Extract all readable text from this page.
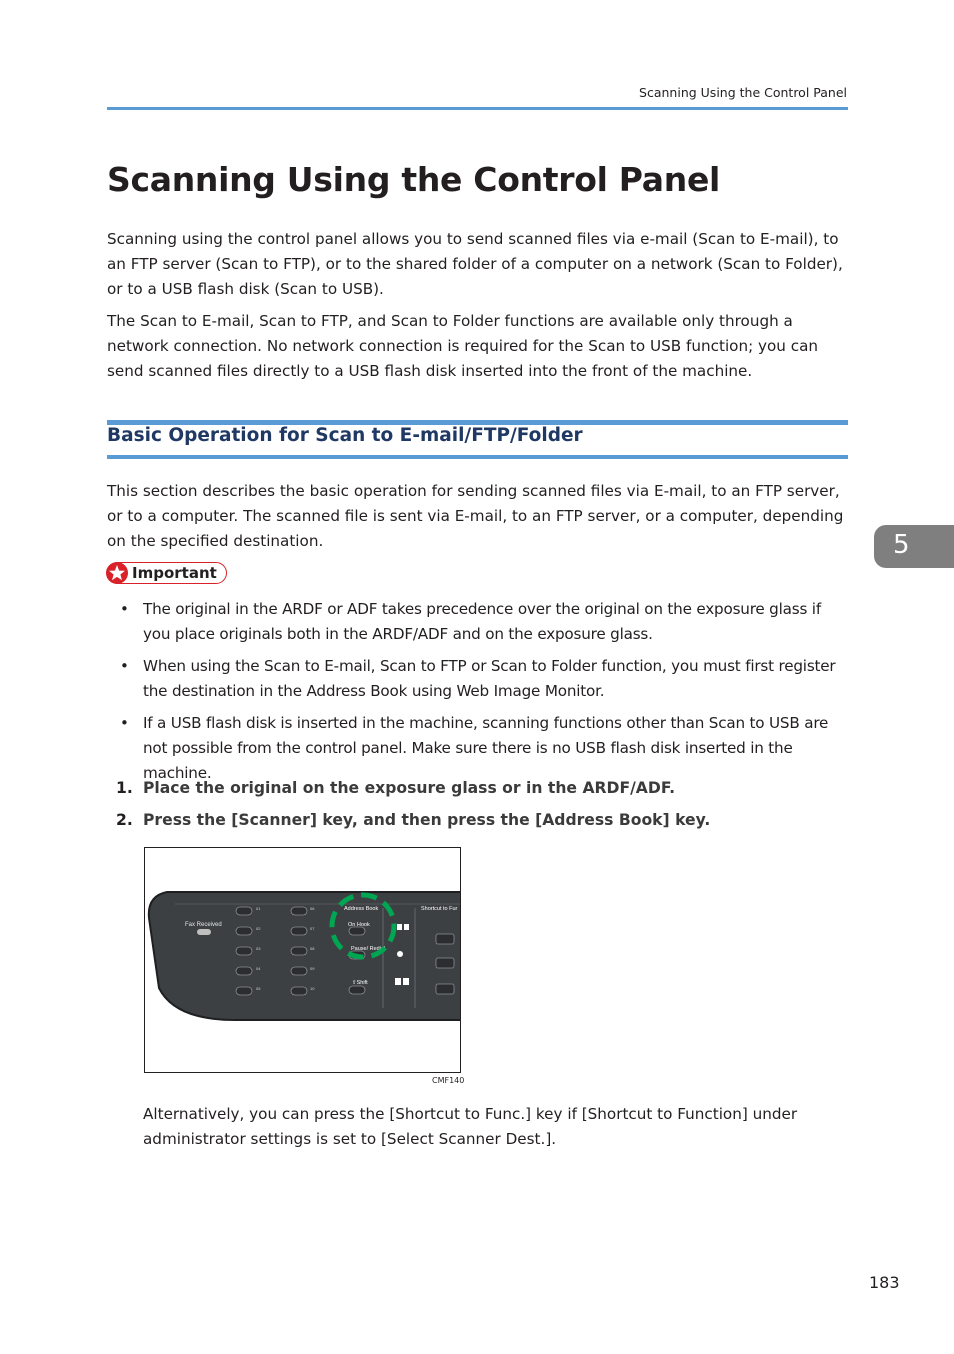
Scanning Using the Control Panel
Scanning Using the Control Panel

Scanning using the control panel allows you to send scanned files via e-mail (Scan to E-mail), to an FTP server (Scan to FTP), or to the shared folder of a computer on a network (Scan to Folder), or to a USB flash disk (Scan to USB).

The Scan to E-mail, Scan to FTP, and Scan to Folder functions are available only through a network connection. No network connection is required for the Scan to USB function; you can send scanned files directly to a USB flash disk inserted into the front of the machine.

Basic Operation for Scan to E-mail/FTP/Folder

This section describes the basic operation for sending scanned files via E-mail, to an FTP server, or to a computer. The scanned file is sent via E-mail, to an FTP server, or a computer, depending on the specified destination.	5
Important
• The original in the ARDF or ADF takes precedence over the original on the exposure glass if you place originals both in the ARDF/ADF and on the exposure glass.
• When using the Scan to E-mail, Scan to FTP or Scan to Folder function, you must first register the destination in the Address Book using Web Image Monitor.
• If a USB flash disk is inserted in the machine, scanning functions other than Scan to USB are not possible from the control panel. Make sure there is no USB flash disk inserted in the machine.
1. Place the original on the exposure glass or in the ARDF/ADF.
2. Press the [Scanner] key, and then press the [Address Book] key.
Fax Received
01
02
03
04
05
06
07
08
09
10
Address Book
On Hook
Pause/ Redial
⇧Shift
Shortcut to Fur
CMF140

Alternatively, you can press the [Shortcut to Func.] key if [Shortcut to Function] under administrator settings is set to [Select Scanner Dest.].

183
